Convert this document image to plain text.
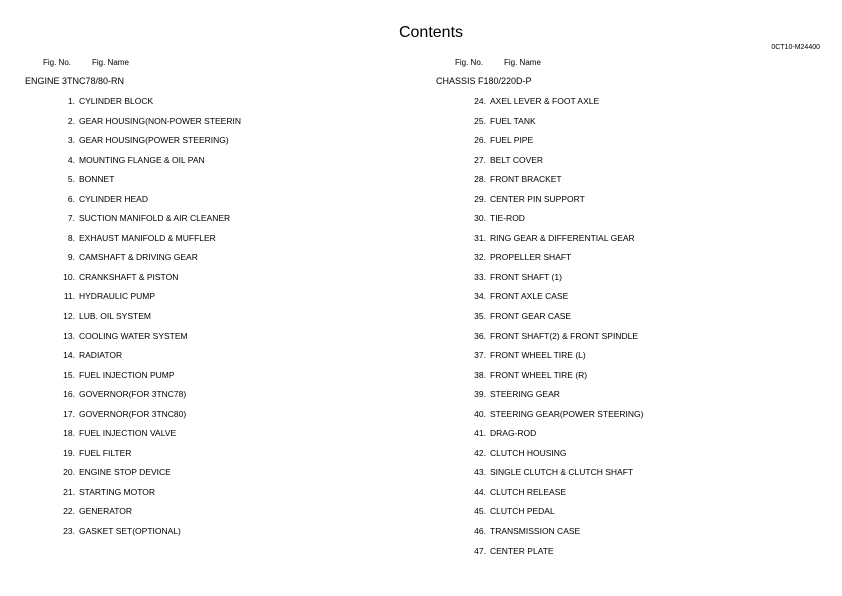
Contents
0CT10-M24400
Fig. No.	Fig. Name
ENGINE 3TNC78/80-RN
1. CYLINDER BLOCK
2. GEAR HOUSING(NON-POWER STEERIN
3. GEAR HOUSING(POWER STEERING)
4. MOUNTING FLANGE & OIL PAN
5. BONNET
6. CYLINDER HEAD
7. SUCTION MANIFOLD & AIR CLEANER
8. EXHAUST MANIFOLD & MUFFLER
9. CAMSHAFT & DRIVING GEAR
10. CRANKSHAFT & PISTON
11. HYDRAULIC PUMP
12. LUB. OIL SYSTEM
13. COOLING WATER SYSTEM
14. RADIATOR
15. FUEL INJECTION PUMP
16. GOVERNOR(FOR 3TNC78)
17. GOVERNOR(FOR 3TNC80)
18. FUEL INJECTION VALVE
19. FUEL FILTER
20. ENGINE STOP DEVICE
21. STARTING MOTOR
22. GENERATOR
23. GASKET SET(OPTIONAL)
Fig. No.	Fig. Name
CHASSIS F180/220D-P
24. AXEL LEVER & FOOT AXLE
25. FUEL TANK
26. FUEL PIPE
27. BELT COVER
28. FRONT BRACKET
29. CENTER PIN SUPPORT
30. TIE-ROD
31. RING GEAR & DIFFERENTIAL GEAR
32. PROPELLER SHAFT
33. FRONT SHAFT (1)
34. FRONT AXLE CASE
35. FRONT GEAR CASE
36. FRONT SHAFT(2) & FRONT SPINDLE
37. FRONT WHEEL TIRE (L)
38. FRONT WHEEL TIRE (R)
39. STEERING GEAR
40. STEERING GEAR(POWER STEERING)
41. DRAG-ROD
42. CLUTCH HOUSING
43. SINGLE CLUTCH & CLUTCH SHAFT
44. CLUTCH RELEASE
45. CLUTCH PEDAL
46. TRANSMISSION CASE
47. CENTER PLATE
